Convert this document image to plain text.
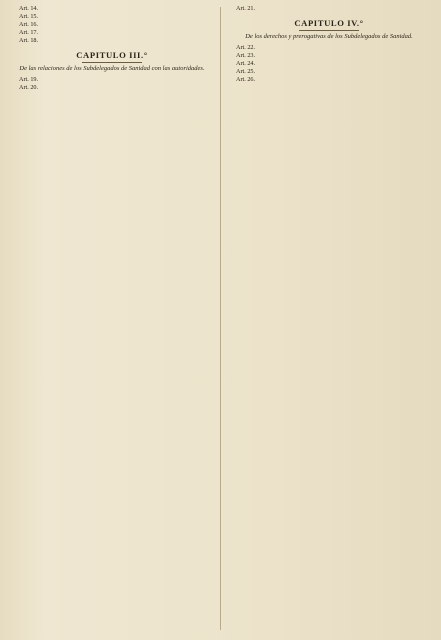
Art. 14.

Art. 15.

Art. 16.

Art. 17.

Art. 18.

CAPITULO III.°
De las relaciones de los Subdelegados de Sanidad con las autoridades.

Art. 19.

Art. 20.

Art. 21.

CAPITULO IV.°
De los derechos y prerogativas de los Subdelegados de Sanidad.

Art. 22.

Art. 23.

Art. 24.

Art. 25.

Art. 26.
